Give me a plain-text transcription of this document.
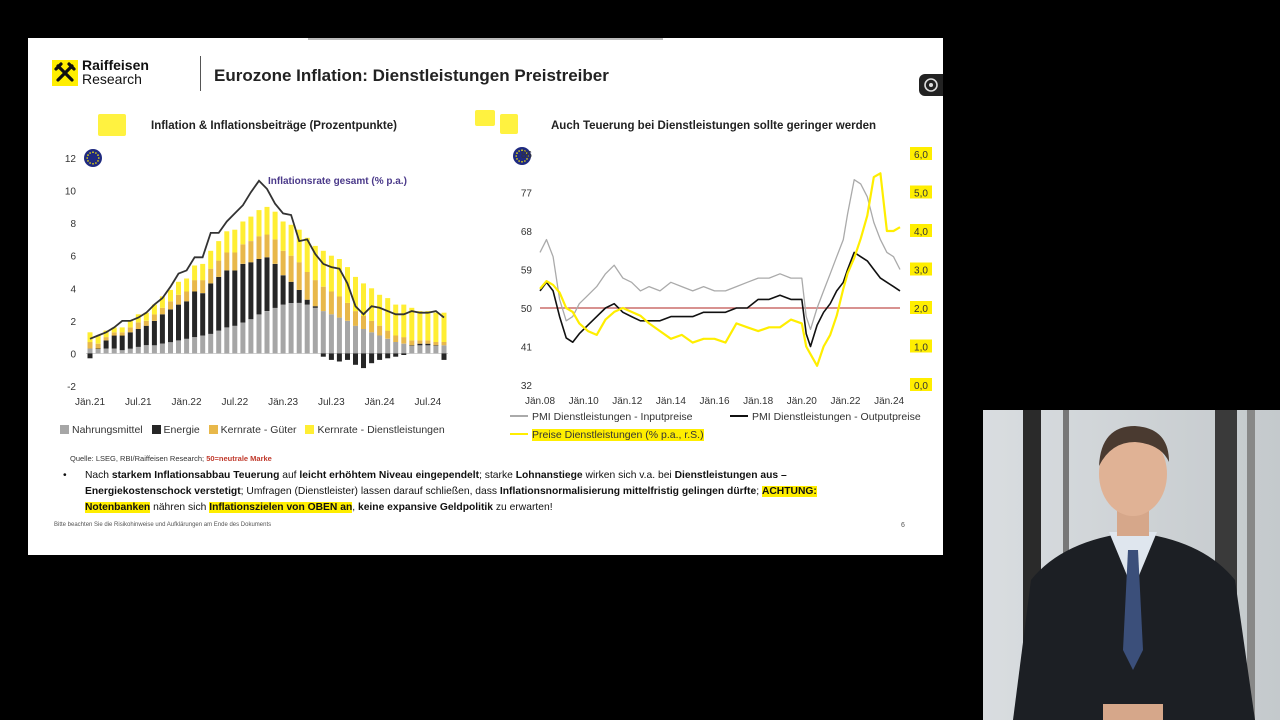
Raiffeisen
Research	Eurozone Inflation: Dienstleistungen Preistreiber
Inflation & Inflationsbeiträge (Prozentpunkte)	Auch Teuerung bei Dienstleistungen sollte geringer werden
12
10
8
6
4
2
0
-2
Inflationsrate gesamt (% p.a.)
Jän.21 Jul.21 Jän.22 Jul.22 Jän.23 Jul.23 Jän.24 Jul.24
86
77
68
59
50
41
32
6,0
5,0
4,0
3,0
2,0
1,0
0,0
Jän.08 Jän.10 Jän.12 Jän.14 Jän.16 Jän.18 Jän.20 Jän.22 Jän.24
Nahrungsmittel Energie Kernrate - Güter Kernrate - Dienstleistungen
PMI Dienstleistungen - Inputpreise	PMI Dienstleistungen - Outputpreise
Preise Dienstleistungen (% p.a., r.S.)
Quelle: LSEG, RBI/Raiffeisen Research; 50=neutrale Marke
• Nach starkem Inflationsabbau Teuerung auf leicht erhöhtem Niveau eingependelt; starke Lohnanstiege wirken sich v.a. bei Dienstleistungen aus – Energiekostenschock verstetigt; Umfragen (Dienstleister) lassen darauf schließen, dass Inflationsnormalisierung mittelfristig gelingen dürfte; ACHTUNG: Notenbanken nähren sich Inflationszielen von OBEN an, keine expansive Geldpolitik zu erwarten!
Bitte beachten Sie die Risikohinweise und Aufklärungen am Ende des Dokuments	6
